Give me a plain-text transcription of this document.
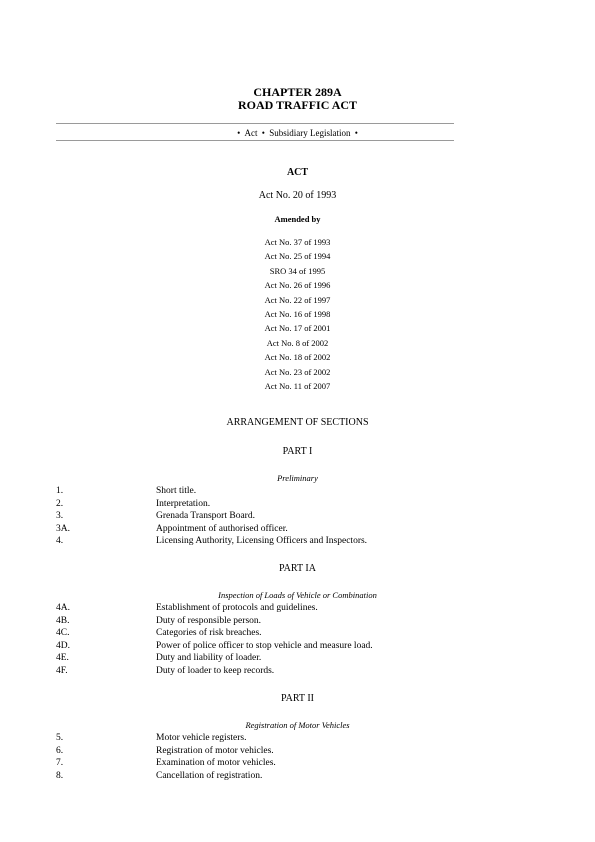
CHAPTER 289A
ROAD TRAFFIC ACT
• Act • Subsidiary Legislation •
ACT
Act No. 20 of 1993
Amended by
Act No. 37 of 1993
Act No. 25 of 1994
SRO 34 of 1995
Act No. 26 of 1996
Act No. 22 of 1997
Act No. 16 of 1998
Act No. 17 of 2001
Act No. 8 of 2002
Act No. 18 of 2002
Act No. 23 of 2002
Act No. 11 of 2007
ARRANGEMENT OF SECTIONS
PART I
Preliminary
1.	Short title.
2.	Interpretation.
3.	Grenada Transport Board.
3A.	Appointment of authorised officer.
4.	Licensing Authority, Licensing Officers and Inspectors.
PART IA
Inspection of Loads of Vehicle or Combination
4A.	Establishment of protocols and guidelines.
4B.	Duty of responsible person.
4C.	Categories of risk breaches.
4D.	Power of police officer to stop vehicle and measure load.
4E.	Duty and liability of loader.
4F.	Duty of loader to keep records.
PART II
Registration of Motor Vehicles
5.	Motor vehicle registers.
6.	Registration of motor vehicles.
7.	Examination of motor vehicles.
8.	Cancellation of registration.
